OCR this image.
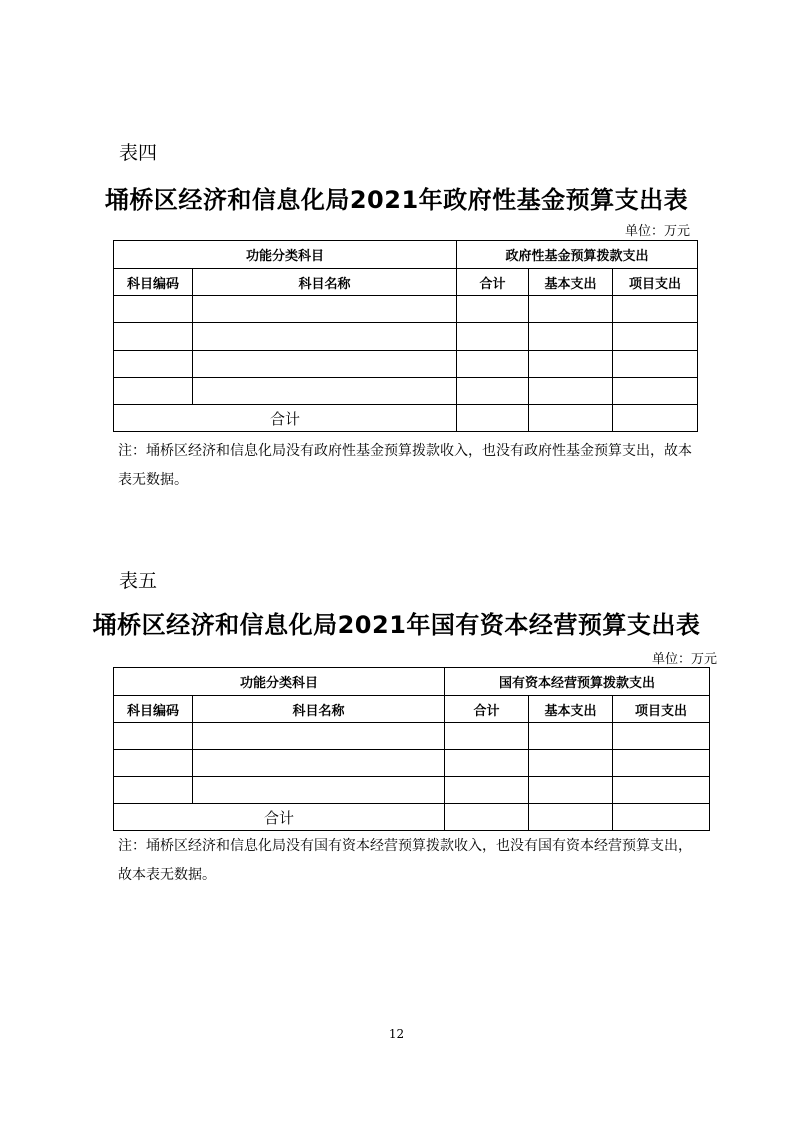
表四
埇桥区经济和信息化局2021年政府性基金预算支出表
单位：万元
功能分类科目		政府性基金预算拨款支出		
科目编码	科目名称	合计	基本支出	项目支出

合计				
注：埇桥区经济和信息化局没有政府性基金预算拨款收入，也没有政府性基金预算支出，故本表无数据。
表五
埇桥区经济和信息化局2021年国有资本经营预算支出表
单位：万元
功能分类科目		国有资本经营预算拨款支出		
科目编码	科目名称	合计	基本支出	项目支出

合计				
注：埇桥区经济和信息化局没有国有资本经营预算拨款收入，也没有国有资本经营预算支出，故本表无数据。
12
